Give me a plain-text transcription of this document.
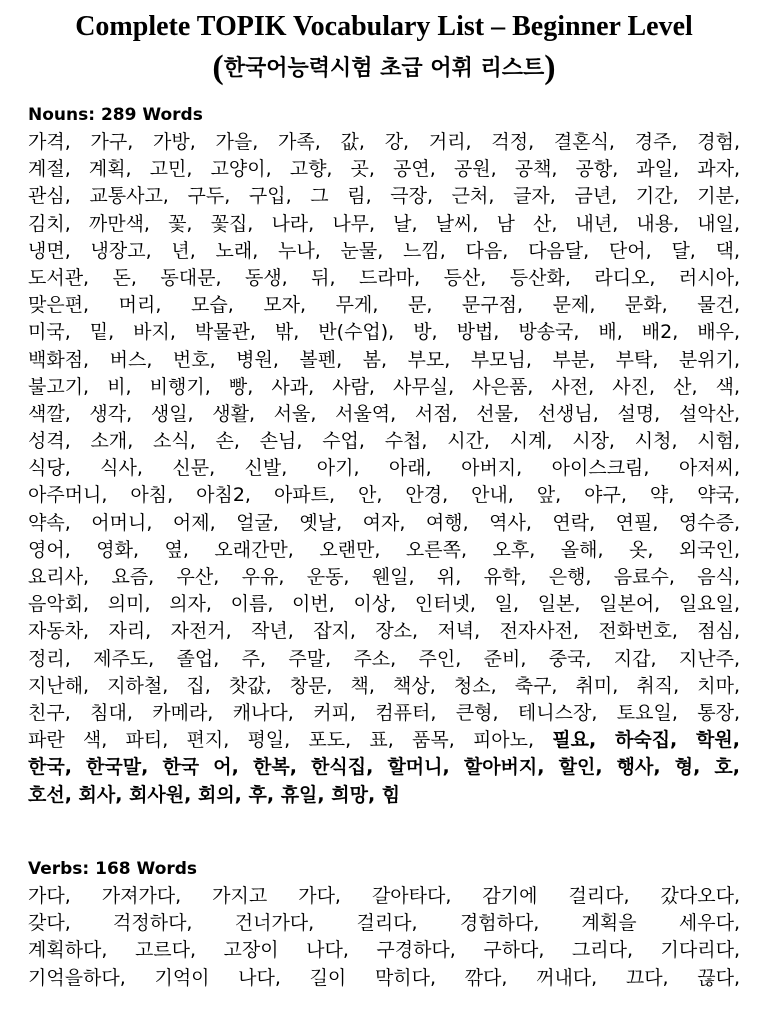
Complete TOPIK Vocabulary List – Beginner Level
(한국어능력시험 초급 어휘 리스트)
Nouns: 289 Words
가격, 가구, 가방, 가을, 가족, 값, 강, 거리, 걱정, 결혼식, 경주, 경험,
계절, 계획, 고민, 고양이, 고향, 곳, 공연, 공원, 공책, 공항, 과일, 과자,
관심, 교통사고, 구두, 구입, 그 림, 극장, 근처, 글자, 금년, 기간, 기분,
김치, 까만색, 꽃, 꽃집, 나라, 나무, 날, 날씨, 남 산, 내년, 내용, 내일,
냉면, 냉장고, 년, 노래, 누나, 눈물, 느낌, 다음, 다음달, 단어, 달, 댁,
도서관, 돈, 동대문, 동생, 뒤, 드라마, 등산, 등산화, 라디오, 러시아,
맞은편, 머리, 모습, 모자, 무게, 문, 문구점, 문제, 문화, 물건,
미국, 밑, 바지, 박물관, 밖, 반(수업), 방, 방법, 방송국, 배, 배2, 배우,
백화점, 버스, 번호, 병원, 볼펜, 봄, 부모, 부모님, 부분, 부탁, 분위기,
불고기, 비, 비행기, 빵, 사과, 사람, 사무실, 사은품, 사전, 사진, 산, 색,
색깔, 생각, 생일, 생활, 서울, 서울역, 서점, 선물, 선생님, 설명, 설악산,
성격, 소개, 소식, 손, 손님, 수업, 수첩, 시간, 시계, 시장, 시청, 시험,
식당, 식사, 신문, 신발, 아기, 아래, 아버지, 아이스크림, 아저씨,
아주머니, 아침, 아침2, 아파트, 안, 안경, 안내, 앞, 야구, 약, 약국,
약속, 어머니, 어제, 얼굴, 옛날, 여자, 여행, 역사, 연락, 연필, 영수증,
영어, 영화, 옆, 오래간만, 오랜만, 오른쪽, 오후, 올해, 옷, 외국인,
요리사, 요즘, 우산, 우유, 운동, 웬일, 위, 유학, 은행, 음료수, 음식,
음악회, 의미, 의자, 이름, 이번, 이상, 인터넷, 일, 일본, 일본어, 일요일,
자동차, 자리, 자전거, 작년, 잡지, 장소, 저녁, 전자사전, 전화번호, 점심,
정리, 제주도, 졸업, 주, 주말, 주소, 주인, 준비, 중국, 지갑, 지난주,
지난해, 지하철, 집, 찻값, 창문, 책, 책상, 청소, 축구, 취미, 취직, 치마,
친구, 침대, 카메라, 캐나다, 커피, 컴퓨터, 큰형, 테니스장, 토요일, 통장,
파란 색, 파티, 편지, 평일, 포도, 표, 품목, 피아노, 필요, 하숙집, 학원,
한국, 한국말, 한국 어, 한복, 한식집, 할머니, 할아버지, 할인, 행사, 형, 호,
호선, 회사, 회사원, 회의, 후, 휴일, 희망, 힘
Verbs: 168 Words
가다, 가져가다, 가지고 가다, 갈아타다, 감기에 걸리다, 갔다오다,
갖다, 걱정하다, 건너가다, 걸리다, 경험하다, 계획을 세우다,
계획하다, 고르다, 고장이 나다, 구경하다, 구하다, 그리다, 기다리다,
기억을하다, 기억이 나다, 길이 막히다, 깎다, 꺼내다, 끄다, 끊다,
